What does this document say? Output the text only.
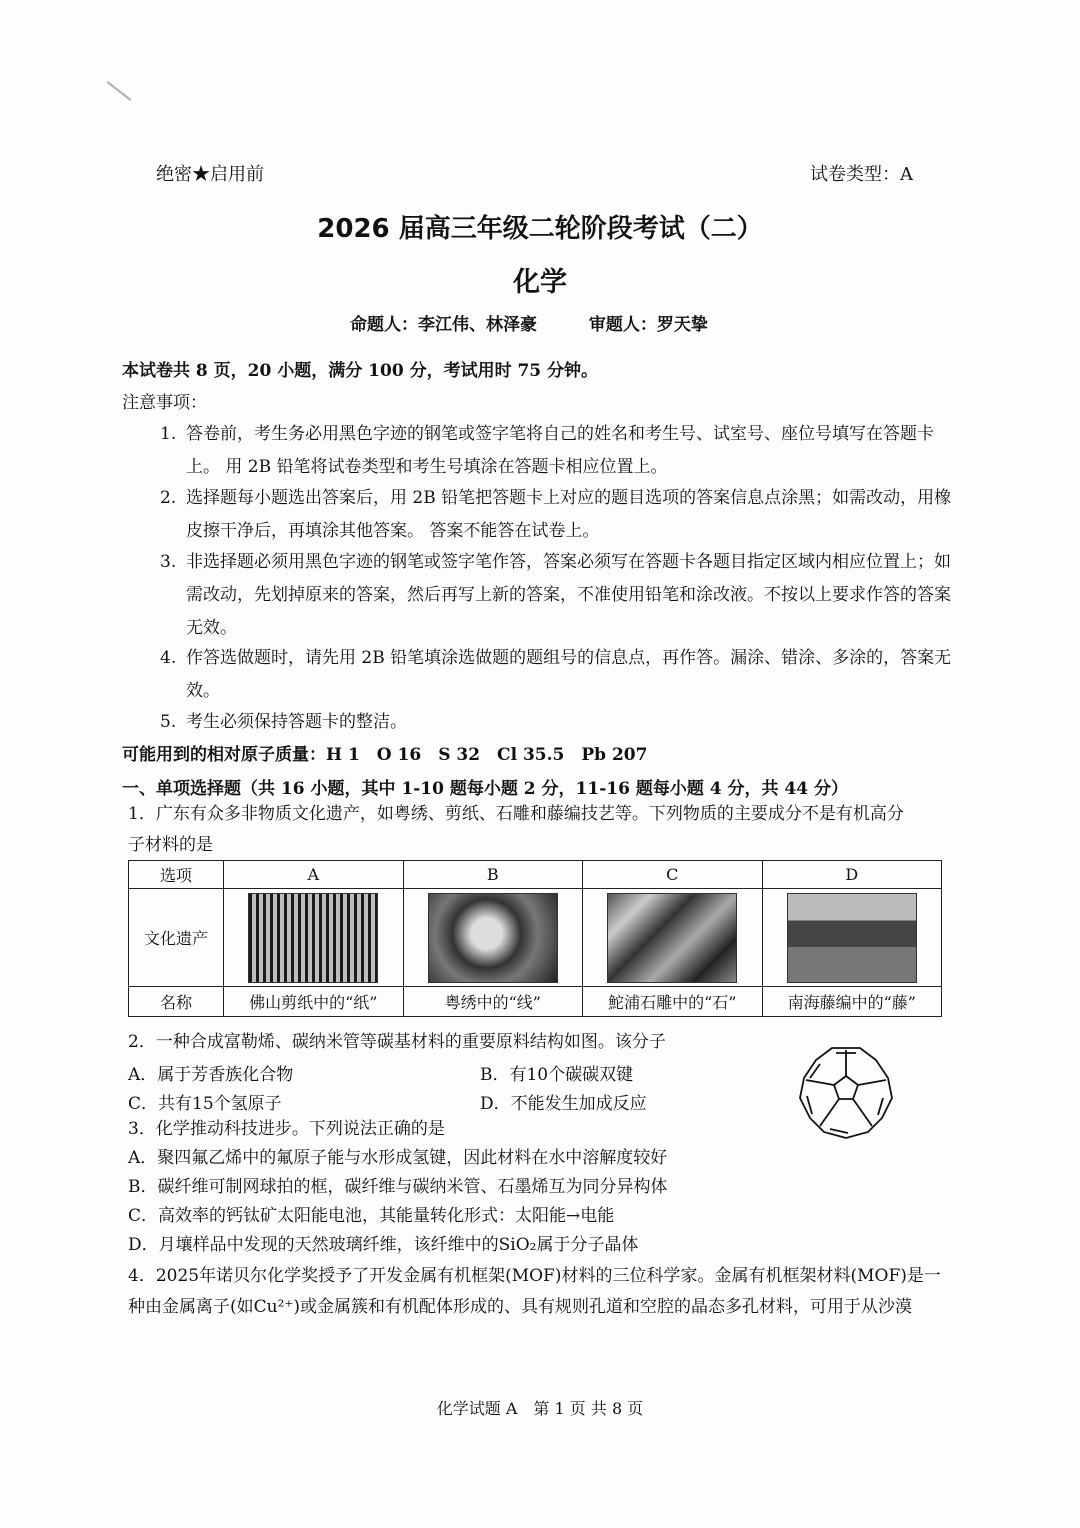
绝密★启用前	试卷类型：A
2026 届高三年级二轮阶段考试（二）
化学
命题人：李江伟、林泽豪	审题人：罗天挚
本试卷共 8 页，20 小题，满分 100 分，考试用时 75 分钟。
注意事项：
1. 答卷前，考生务必用黑色字迹的钢笔或签字笔将自己的姓名和考生号、试室号、座位号填写在答题卡上。 用 2B 铅笔将试卷类型和考生号填涂在答题卡相应位置上。
2. 选择题每小题选出答案后，用 2B 铅笔把答题卡上对应的题目选项的答案信息点涂黑；如需改动，用橡皮擦干净后，再填涂其他答案。 答案不能答在试卷上。
3. 非选择题必须用黑色字迹的钢笔或签字笔作答，答案必须写在答题卡各题目指定区域内相应位置上；如需改动，先划掉原来的答案，然后再写上新的答案，不准使用铅笔和涂改液。不按以上要求作答的答案无效。
4. 作答选做题时，请先用 2B 铅笔填涂选做题的题组号的信息点，再作答。漏涂、错涂、多涂的，答案无效。
5. 考生必须保持答题卡的整洁。
可能用到的相对原子质量：H 1　O 16　S 32　Cl 35.5　Pb 207
一、单项选择题（共 16 小题，其中 1-10 题每小题 2 分，11-16 题每小题 4 分，共 44 分）
1．广东有众多非物质文化遗产，如粤绣、剪纸、石雕和藤编技艺等。下列物质的主要成分不是有机高分
子材料的是
选项	A	B	C	D
文化遗产	

名称	佛山剪纸中的“纸”	粤绣中的“线”	鮀浦石雕中的“石”	南海藤编中的“藤”
2．一种合成富勒烯、碳纳米管等碳基材料的重要原料结构如图。该分子
A．属于芳香族化合物	B．有10个碳碳双键
C．共有15个氢原子	D．不能发生加成反应
3．化学推动科技进步。下列说法正确的是
A．聚四氟乙烯中的氟原子能与水形成氢键，因此材料在水中溶解度较好
B．碳纤维可制网球拍的框，碳纤维与碳纳米管、石墨烯互为同分异构体
C．高效率的钙钛矿太阳能电池，其能量转化形式：太阳能→电能
D．月壤样品中发现的天然玻璃纤维，该纤维中的SiO₂属于分子晶体
4．2025年诺贝尔化学奖授予了开发金属有机框架(MOF)材料的三位科学家。金属有机框架材料(MOF)是一
种由金属离子(如Cu²⁺)或金属簇和有机配体形成的、具有规则孔道和空腔的晶态多孔材料，可用于从沙漠
化学试题 A　第 1 页 共 8 页
